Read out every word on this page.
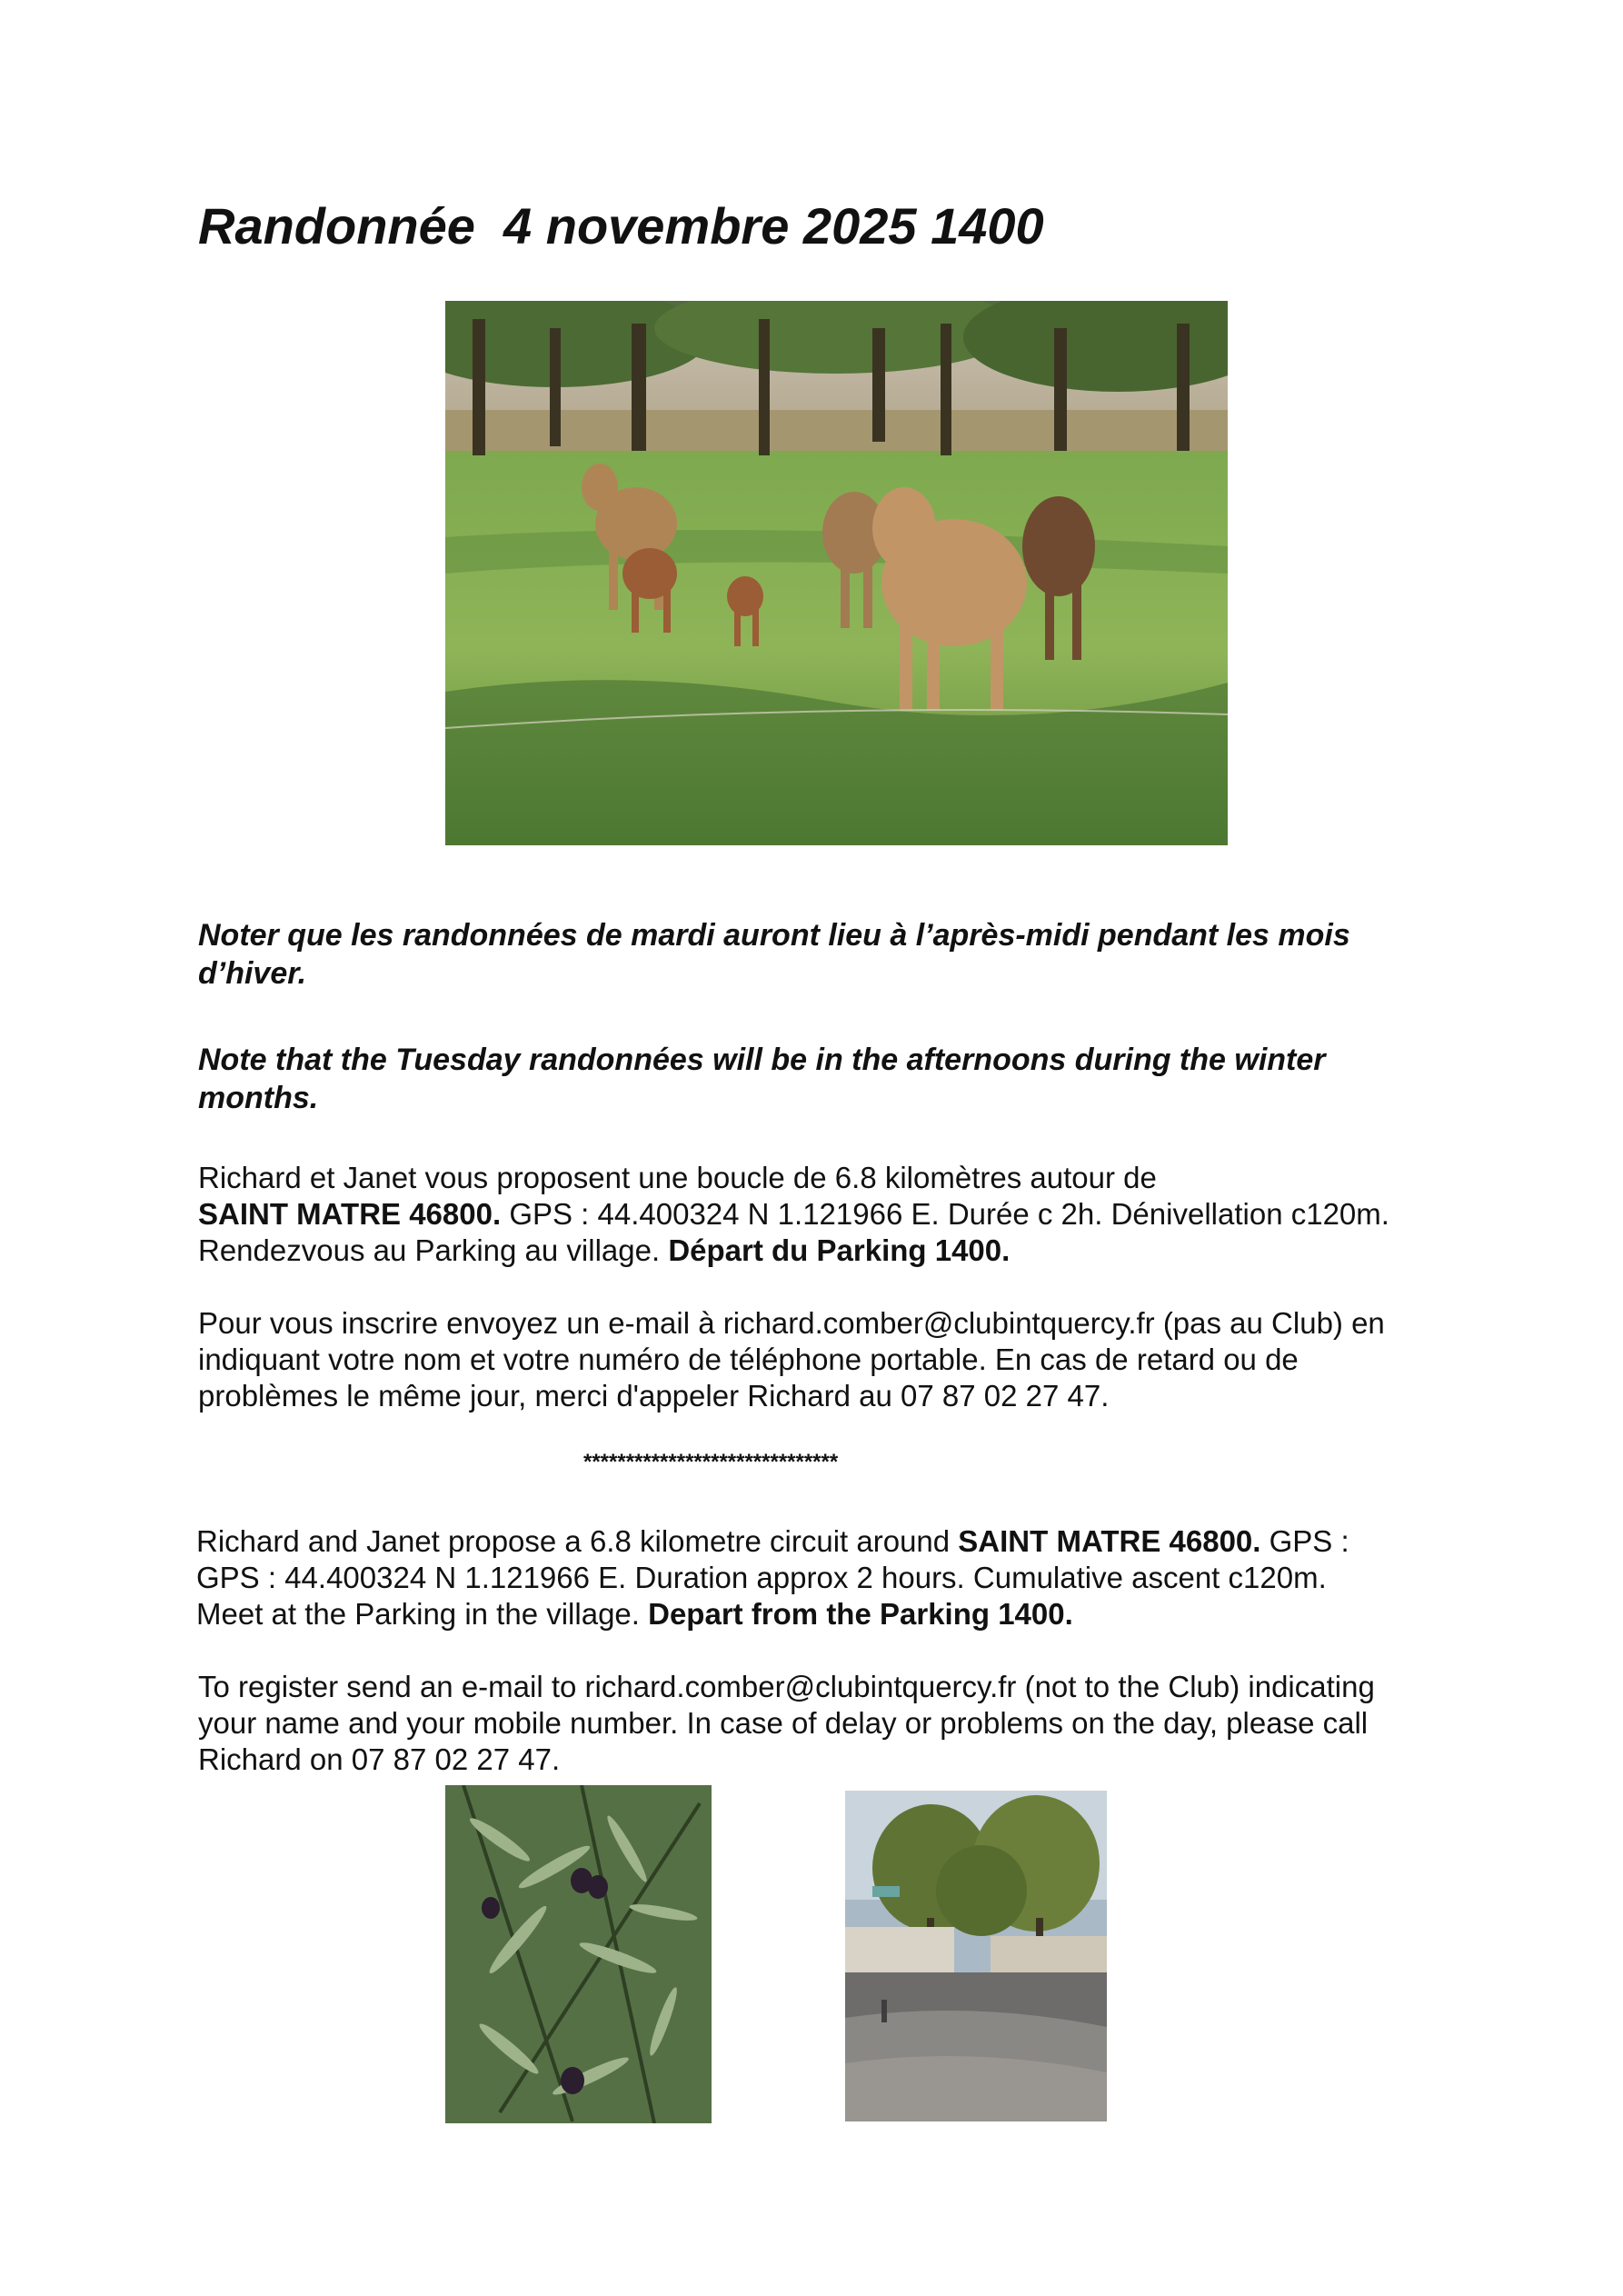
Randonnée  4 novembre 2025 1400
Noter que les randonnées de mardi auront lieu à l’après-midi pendant les mois
d’hiver.
Note that the Tuesday randonnées will be in the afternoons during the winter
months.
Richard et Janet vous proposent une boucle de 6.8 kilomètres autour de
SAINT MATRE 46800. GPS : 44.400324 N 1.121966 E. Durée c 2h. Dénivellation c120m.
Rendezvous au Parking au village. Départ du Parking 1400.
Pour vous inscrire envoyez un e-mail à richard.comber@clubintquercy.fr (pas au Club) en
indiquant votre nom et votre numéro de téléphone portable. En cas de retard ou de
problèmes le même jour, merci d'appeler Richard au 07 87 02 27 47.
******************************
Richard and Janet propose a 6.8 kilometre circuit around SAINT MATRE 46800. GPS :
GPS : 44.400324 N 1.121966 E. Duration approx 2 hours. Cumulative ascent c120m.
Meet at the Parking in the village. Depart from the Parking 1400.
To register send an e-mail to richard.comber@clubintquercy.fr (not to the Club) indicating
your name and your mobile number. In case of delay or problems on the day, please call
Richard on 07 87 02 27 47.
